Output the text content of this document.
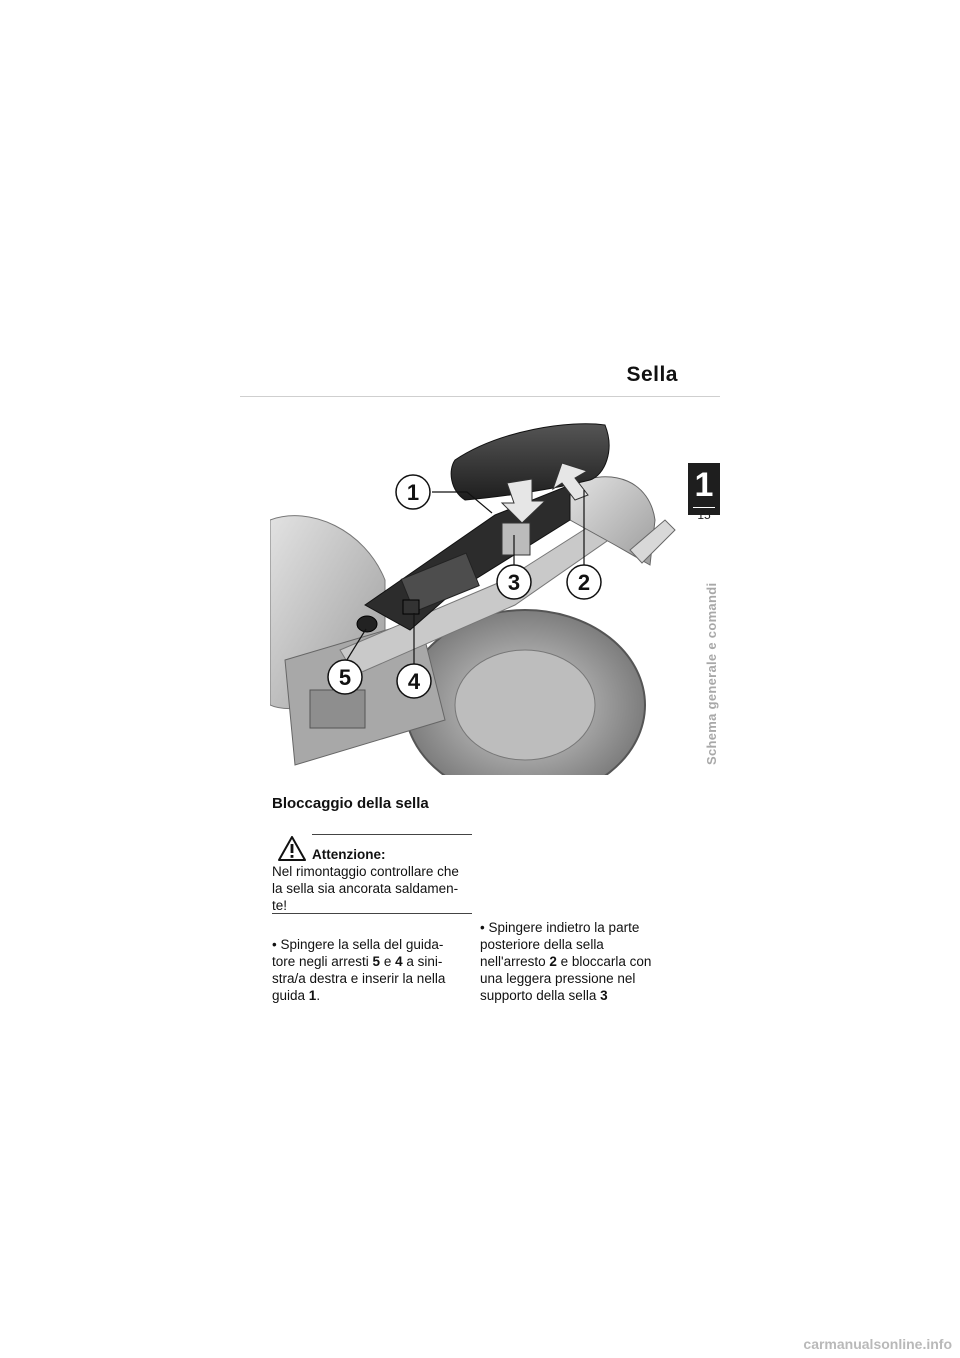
Sella
1
15
Schema generale e comandi
1
2
3
4
5
Bloccaggio della sella
Attenzione:
Nel rimontaggio controllare che
la sella sia ancorata saldamen-
te!
• Spingere la sella del guida-
tore negli arresti 5 e 4 a sini-
stra/a destra e inserir la nella
guida 1.
• Spingere indietro la parte
posteriore della sella
nell'arresto 2 e bloccarla con
una leggera pressione nel
supporto della sella 3
carmanualsonline.info
